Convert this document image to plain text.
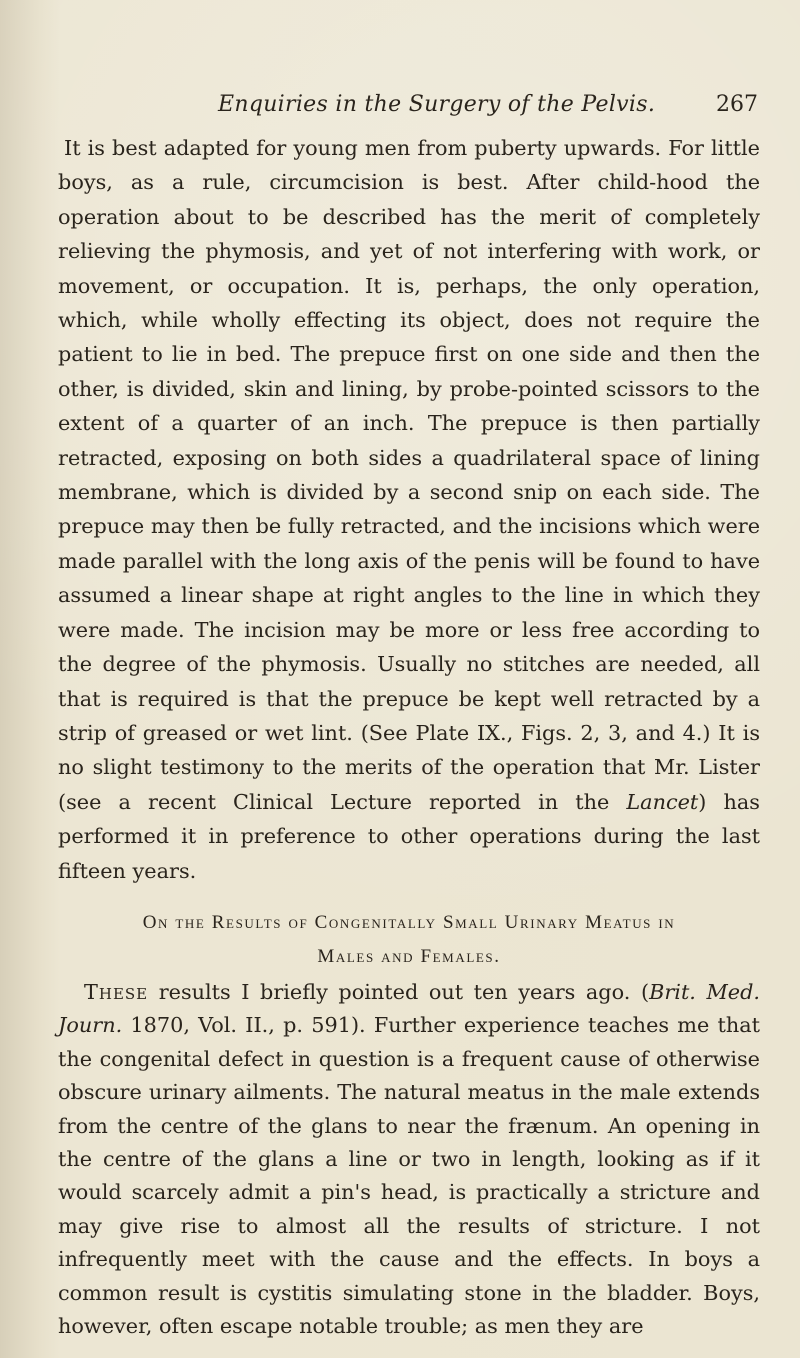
Enquiries in the Surgery of the Pelvis.	267

It is best adapted for young men from puberty upwards. For little boys, as a rule, circumcision is best. After child-hood the operation about to be described has the merit of completely relieving the phymosis, and yet of not interfering with work, or movement, or occupation. It is, perhaps, the only operation, which, while wholly effecting its object, does not require the patient to lie in bed. The prepuce first on one side and then the other, is divided, skin and lining, by probe-pointed scissors to the extent of a quarter of an inch. The prepuce is then partially retracted, exposing on both sides a quadrilateral space of lining membrane, which is divided by a second snip on each side. The prepuce may then be fully retracted, and the incisions which were made parallel with the long axis of the penis will be found to have assumed a linear shape at right angles to the line in which they were made. The incision may be more or less free according to the degree of the phymosis. Usually no stitches are needed, all that is required is that the prepuce be kept well retracted by a strip of greased or wet lint. (See Plate IX., Figs. 2, 3, and 4.) It is no slight testimony to the merits of the operation that Mr. Lister (see a recent Clinical Lecture reported in the Lancet) has performed it in preference to other operations during the last fifteen years.

On the Results of Congenitally Small Urinary Meatus in
Males and Females.

These results I briefly pointed out ten years ago. (Brit. Med. Journ. 1870, Vol. II., p. 591). Further experience teaches me that the congenital defect in question is a frequent cause of otherwise obscure urinary ailments. The natural meatus in the male extends from the centre of the glans to near the frænum. An opening in the centre of the glans a line or two in length, looking as if it would scarcely admit a pin's head, is practically a stricture and may give rise to almost all the results of stricture. I not infrequently meet with the cause and the effects. In boys a common result is cystitis simulating stone in the bladder. Boys, however, often escape notable trouble; as men they are
